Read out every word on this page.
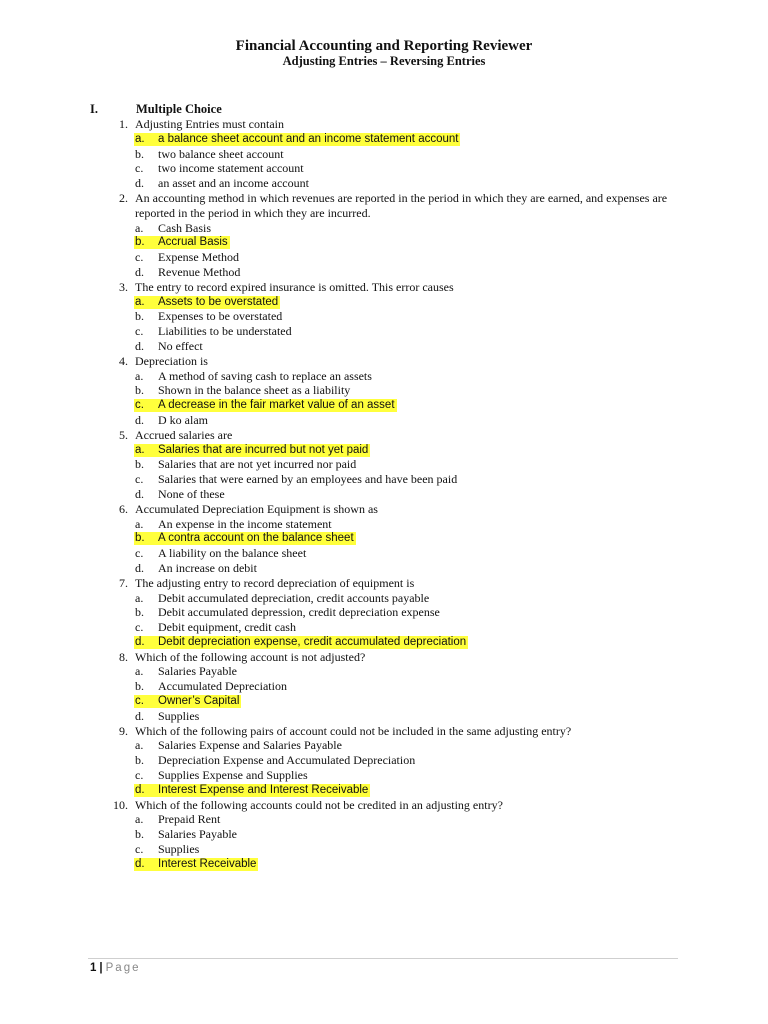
Financial Accounting and Reporting Reviewer
Adjusting Entries – Reversing Entries
I.	Multiple Choice
1. Adjusting Entries must contain
a. a balance sheet account and an income statement account
b. two balance sheet account
c. two income statement account
d. an asset and an income account
2. An accounting method in which revenues are reported in the period in which they are earned, and expenses are reported in the period in which they are incurred.
a. Cash Basis
b. Accrual Basis
c. Expense Method
d. Revenue Method
3. The entry to record expired insurance is omitted. This error causes
a. Assets to be overstated
b. Expenses to be overstated
c. Liabilities to be understated
d. No effect
4. Depreciation is
a. A method of saving cash to replace an assets
b. Shown in the balance sheet as a liability
c. A decrease in the fair market value of an asset
d. D ko alam
5. Accrued salaries are
a. Salaries that are incurred but not yet paid
b. Salaries that are not yet incurred nor paid
c. Salaries that were earned by an employees and have been paid
d. None of these
6. Accumulated Depreciation Equipment is shown as
a. An expense in the income statement
b. A contra account on the balance sheet
c. A liability on the balance sheet
d. An increase on debit
7. The adjusting entry to record depreciation of equipment is
a. Debit accumulated depreciation, credit accounts payable
b. Debit accumulated depression, credit depreciation expense
c. Debit equipment, credit cash
d. Debit depreciation expense, credit accumulated depreciation
8. Which of the following account is not adjusted?
a. Salaries Payable
b. Accumulated Depreciation
c. Owner’s Capital
d. Supplies
9. Which of the following pairs of account could not be included in the same adjusting entry?
a. Salaries Expense and Salaries Payable
b. Depreciation Expense and Accumulated Depreciation
c. Supplies Expense and Supplies
d. Interest Expense and Interest Receivable
10. Which of the following accounts could not be credited in an adjusting entry?
a. Prepaid Rent
b. Salaries Payable
c. Supplies
d. Interest Receivable
1 | Page
